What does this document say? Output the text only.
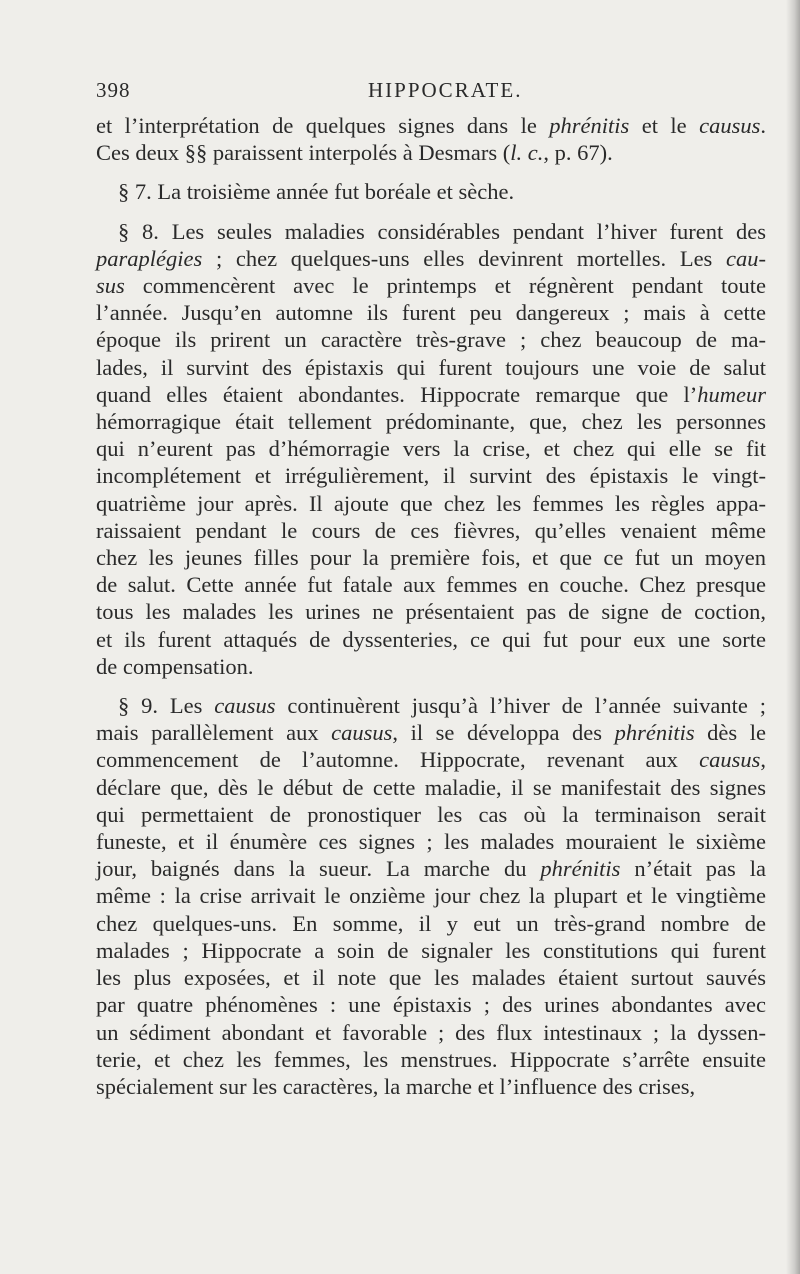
398	HIPPOCRATE.

et l’interprétation de quelques signes dans le phrénitis et le causus.
Ces deux §§ paraissent interpolés à Desmars (l. c., p. 67).

§ 7. La troisième année fut boréale et sèche.

§ 8. Les seules maladies considérables pendant l’hiver furent des
paraplégies ; chez quelques-uns elles devinrent mortelles. Les cau-
sus commencèrent avec le printemps et régnèrent pendant toute
l’année. Jusqu’en automne ils furent peu dangereux ; mais à cette
époque ils prirent un caractère très-grave ; chez beaucoup de ma-
lades, il survint des épistaxis qui furent toujours une voie de salut
quand elles étaient abondantes. Hippocrate remarque que l’humeur
hémorragique était tellement prédominante, que, chez les personnes
qui n’eurent pas d’hémorragie vers la crise, et chez qui elle se fit
incomplétement et irrégulièrement, il survint des épistaxis le vingt-
quatrième jour après. Il ajoute que chez les femmes les règles appa-
raissaient pendant le cours de ces fièvres, qu’elles venaient même
chez les jeunes filles pour la première fois, et que ce fut un moyen
de salut. Cette année fut fatale aux femmes en couche. Chez presque
tous les malades les urines ne présentaient pas de signe de coction,
et ils furent attaqués de dyssenteries, ce qui fut pour eux une sorte
de compensation.

§ 9. Les causus continuèrent jusqu’à l’hiver de l’année suivante ;
mais parallèlement aux causus, il se développa des phrénitis dès le
commencement de l’automne. Hippocrate, revenant aux causus,
déclare que, dès le début de cette maladie, il se manifestait des signes
qui permettaient de pronostiquer les cas où la terminaison serait
funeste, et il énumère ces signes ; les malades mouraient le sixième
jour, baignés dans la sueur. La marche du phrénitis n’était pas la
même : la crise arrivait le onzième jour chez la plupart et le vingtième
chez quelques-uns. En somme, il y eut un très-grand nombre de
malades ; Hippocrate a soin de signaler les constitutions qui furent
les plus exposées, et il note que les malades étaient surtout sauvés
par quatre phénomènes : une épistaxis ; des urines abondantes avec
un sédiment abondant et favorable ; des flux intestinaux ; la dyssen-
terie, et chez les femmes, les menstrues. Hippocrate s’arrête ensuite
spécialement sur les caractères, la marche et l’influence des crises,
